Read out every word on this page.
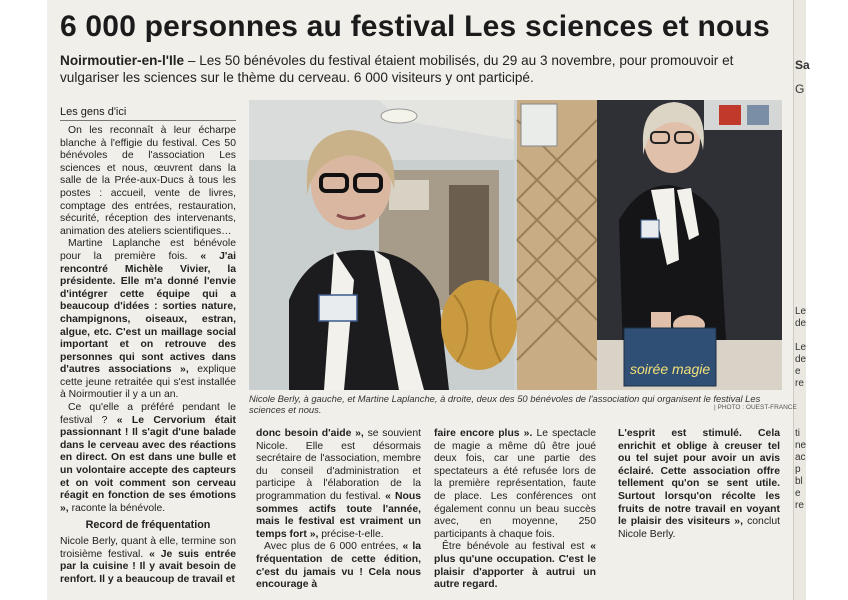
6 000 personnes au festival Les sciences et nous
Noirmoutier-en-l'Ile – Les 50 bénévoles du festival étaient mobilisés, du 29 au 3 novembre, pour promouvoir et vulgariser les sciences sur le thème du cerveau. 6 000 visiteurs y ont participé.
Les gens d'ici

On les reconnaît à leur écharpe blanche à l'effigie du festival. Ces 50 bénévoles de l'association Les sciences et nous, œuvrent dans la salle de la Prée-aux-Ducs à tous les postes : accueil, vente de livres, comptage des entrées, restauration, sécurité, réception des intervenants, animation des ateliers scientifiques…

Martine Laplanche est bénévole pour la première fois. « J'ai rencontré Michèle Vivier, la présidente. Elle m'a donné l'envie d'intégrer cette équipe qui a beaucoup d'idées : sorties nature, champignons, oiseaux, estran, algue, etc. C'est un maillage social important et on retrouve des personnes qui sont actives dans d'autres associations », explique cette jeune retraitée qui s'est installée à Noirmoutier il y a un an.

Ce qu'elle a préféré pendant le festival ? « Le Cervorium était passionnant ! Il s'agit d'une balade dans le cerveau avec des réactions en direct. On est dans une bulle et un volontaire accepte des capteurs et on voit comment son cerveau réagit en fonction de ses émotions », raconte la bénévole.

Record de fréquentation

Nicole Berly, quant à elle, termine son troisième festival. « Je suis entrée par la cuisine ! Il y avait besoin de renfort. Il y a beaucoup de travail et

soirée magie
Nicole Berly, à gauche, et Martine Laplanche, à droite, deux des 50 bénévoles de l'association qui organisent le festival Les sciences et nous.	| PHOTO : OUEST-FRANCE

donc besoin d'aide », se souvient Nicole. Elle est désormais secrétaire de l'association, membre du conseil d'administration et participe à l'élaboration de la programmation du festival. « Nous sommes actifs toute l'année, mais le festival est vraiment un temps fort », précise-t-elle.

Avec plus de 6 000 entrées, « la fréquentation de cette édition, c'est du jamais vu ! Cela nous encourage à

faire encore plus ». Le spectacle de magie a même dû être joué deux fois, car une partie des spectateurs a été refusée lors de la première représentation, faute de place. Les conférences ont également connu un beau succès avec, en moyenne, 250 participants à chaque fois.

Être bénévole au festival est « plus qu'une occupation. C'est le plaisir d'apporter à autrui un autre regard.

L'esprit est stimulé. Cela enrichit et oblige à creuser tel ou tel sujet pour avoir un avis éclairé. Cette association offre tellement qu'on se sent utile. Surtout lorsqu'on récolte les fruits de notre travail en voyant le plaisir des visiteurs », conclut Nicole Berly.

Sa
G
Le
de
Le
de
e
re
ti
ne
ac
p
bl
e
re
